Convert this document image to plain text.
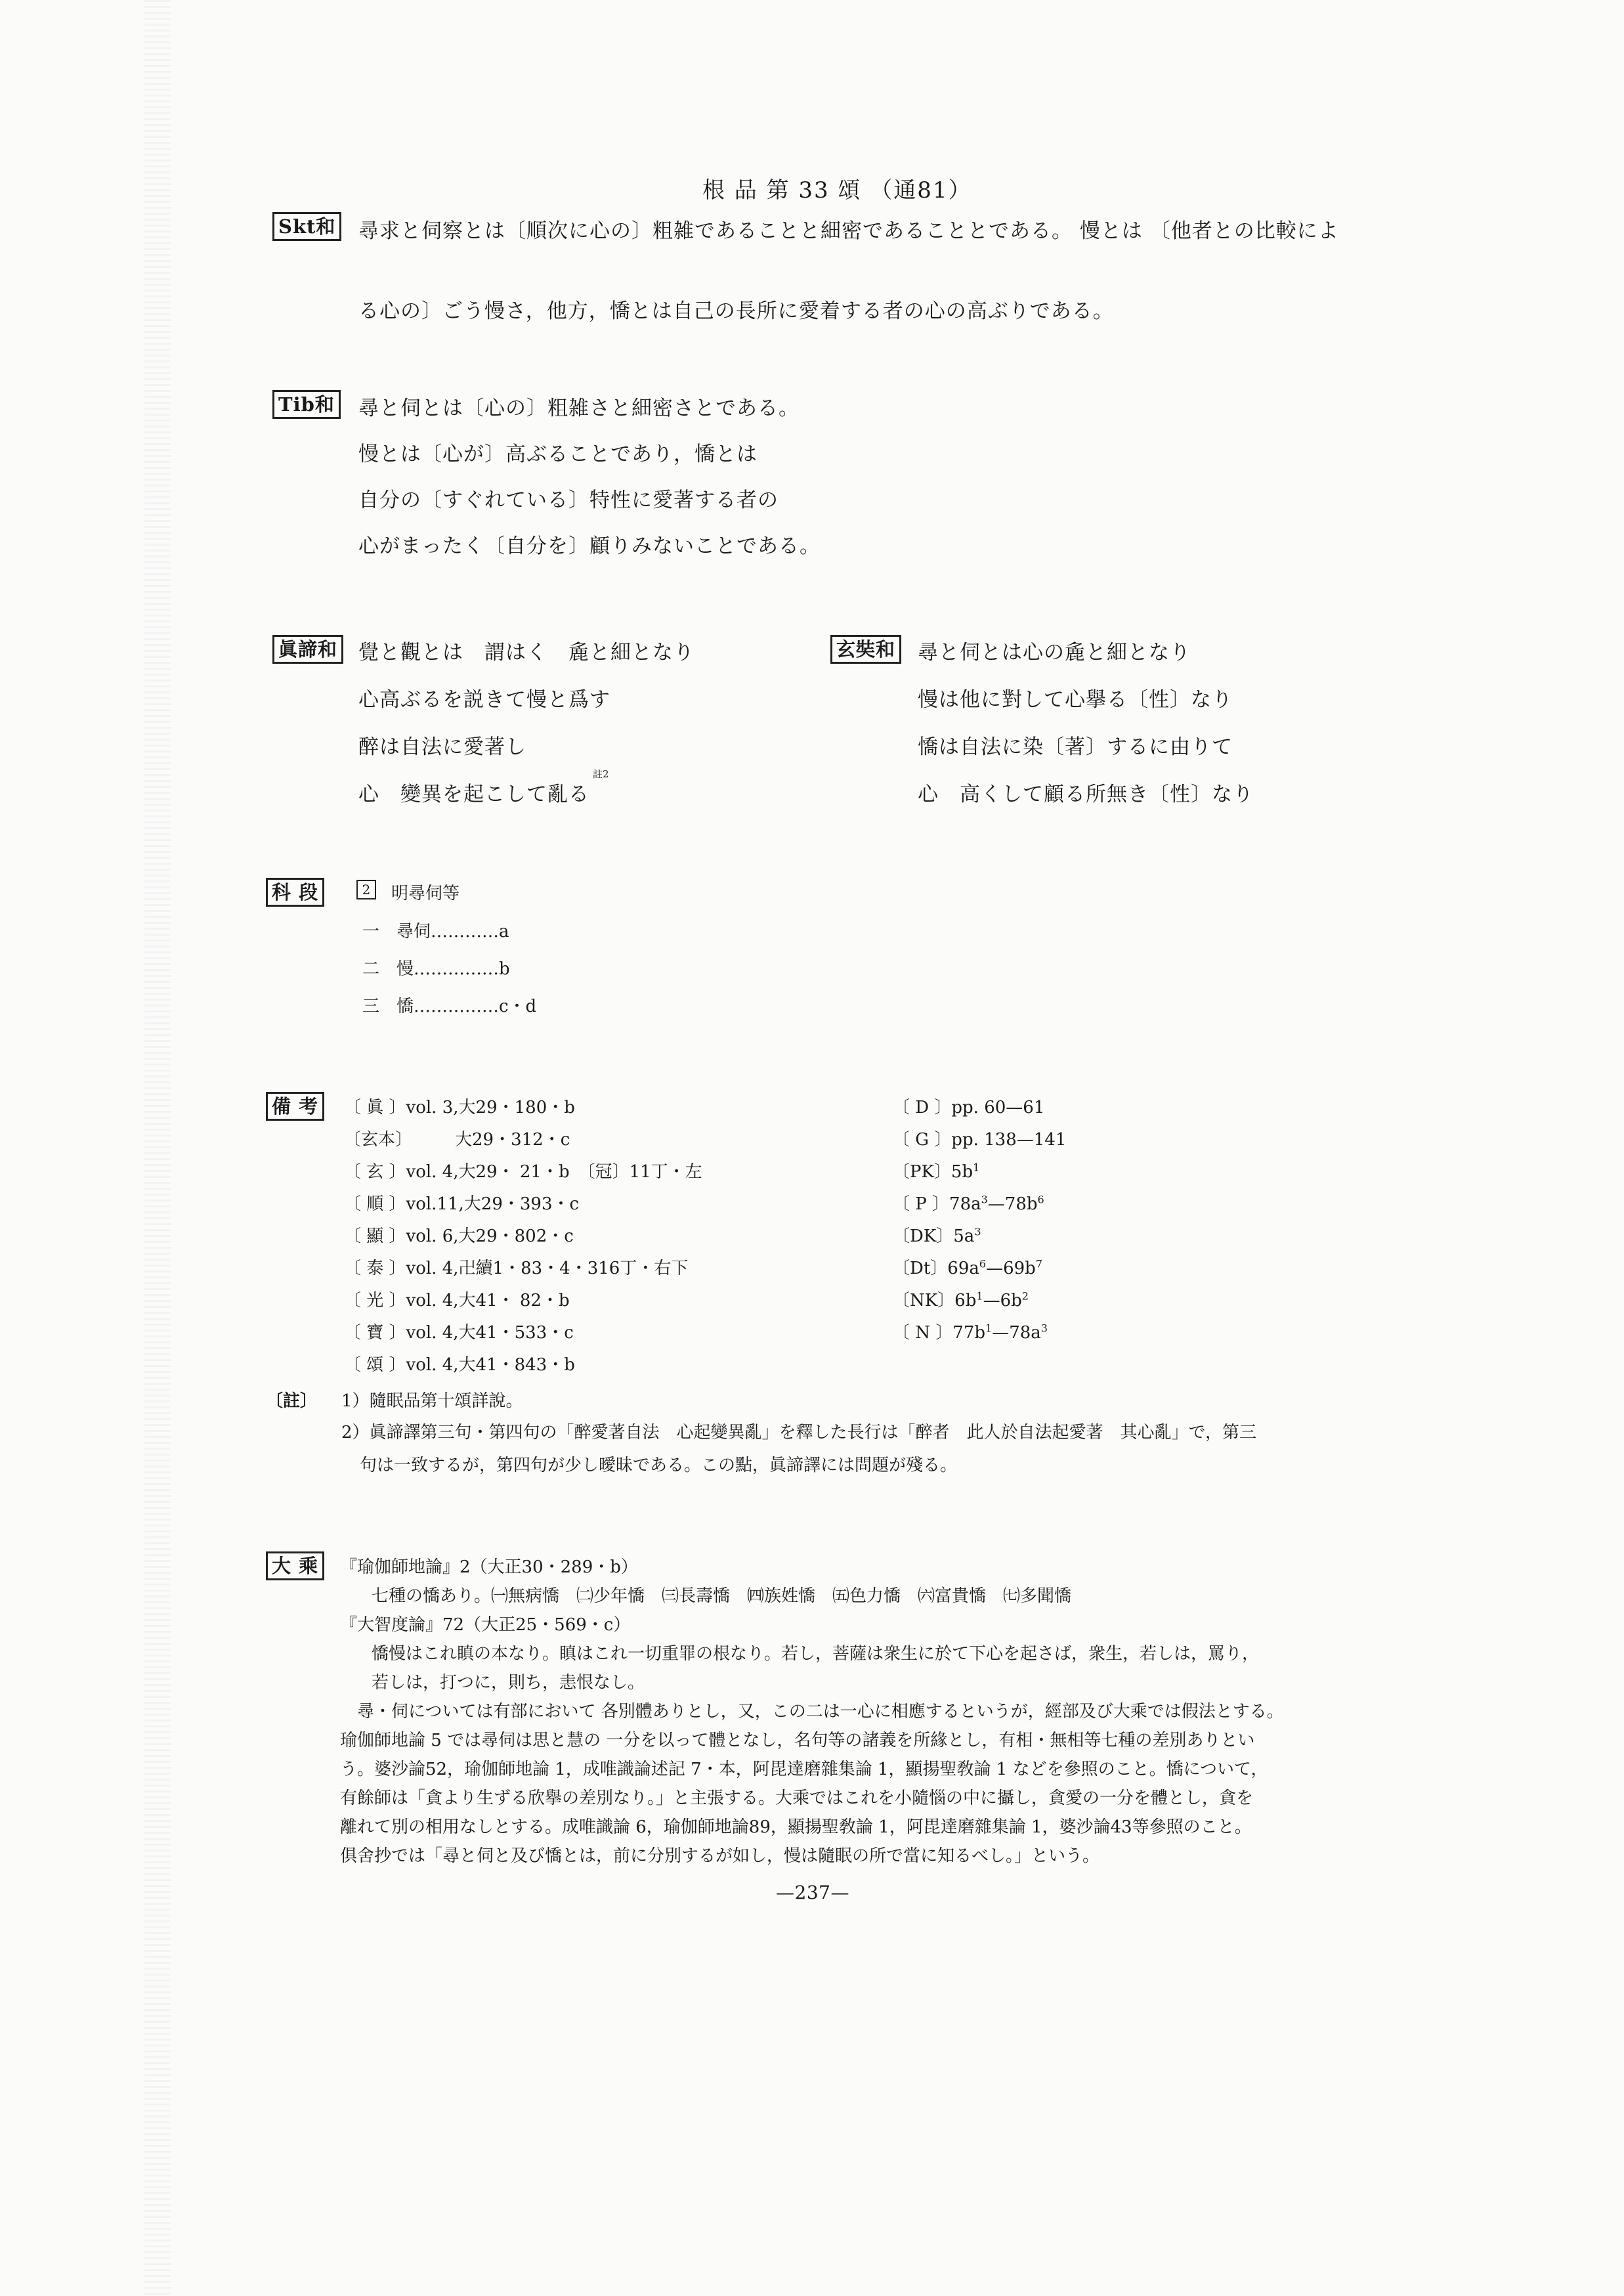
根 品 第 33 頌 （通81）
Skt和 尋求と伺察とは〔順次に心の〕粗雑であることと細密であることとである。 慢とは 〔他者との比較によ
る心の〕ごう慢さ，他方，憍とは自己の長所に愛着する者の心の高ぶりである。
Tib和 尋と伺とは〔心の〕粗雑さと細密さとである。
慢とは〔心が〕高ぶることであり，憍とは
自分の〔すぐれている〕特性に愛著する者の
心がまったく〔自分を〕顧りみないことである。
眞諦和 覺と觀とは　謂はく　麁と細となり
心高ぶるを説きて慢と爲す
醉は自法に愛著し
心　變異を起こして亂る
註2
玄奘和 尋と伺とは心の麁と細となり
慢は他に對して心擧る〔性〕なり
憍は自法に染〔著〕するに由りて
心　高くして顧る所無き〔性〕なり
科 段	2	明尋伺等
一　尋伺…………a
二　慢……………b
三　憍……………c・d
備 考	〔 眞 〕vol. 3,大29・180・b
〔玄本〕　　　大29・312・c
〔 玄 〕vol. 4,大29・ 21・b　〔冠〕11丁・左
〔 順 〕vol.11,大29・393・c
〔 顯 〕vol. 6,大29・802・c
〔 泰 〕vol. 4,卍續1・83・4・316丁・右下
〔 光 〕vol. 4,大41・ 82・b
〔 寶 〕vol. 4,大41・533・c
〔 頌 〕vol. 4,大41・843・b
〔 D 〕pp. 60—61
〔 G 〕pp. 138—141
〔PK〕$5b^1$
〔 P 〕$78a^3—78b^6$
〔DK〕$5a^3$
〔Dt〕$69a^6—69b^7$
〔NK〕$6b^1—6b^2$
〔 N 〕$77b^1—78a^3$
〔註〕 1）隨眠品第十頌詳說。
2）眞諦譯第三句・第四句の「醉愛著自法　心起變異亂」を釋した長行は「醉者　此人於自法起愛著　其心亂」で，第三
句は一致するが，第四句が少し曖昧である。この點，眞諦譯には問題が殘る。
大 乘	『瑜伽師地論』2（大正30・289・b）
　七種の憍あり。㈠無病憍　㈡少年憍　㈢長壽憍　㈣族姓憍　㈤色力憍　㈥富貴憍　㈦多聞憍
『大智度論』72（大正25・569・c）
　憍慢はこれ瞋の本なり。瞋はこれ一切重罪の根なり。若し，菩薩は衆生に於て下心を起さば，衆生，若しは，罵り，
　若しは，打つに，則ち，恚恨なし。
　尋・伺については有部において 各別體ありとし，又，この二は一心に相應するというが，經部及び大乘では假法とする。
瑜伽師地論 5 では尋伺は思と慧の 一分を以って體となし，名句等の諸義を所緣とし，有相・無相等七種の差別ありとい
う。婆沙論52，瑜伽師地論 1，成唯識論述記 7・本，阿毘達磨雜集論 1，顯揚聖敎論 1 などを參照のこと。憍について，
有餘師は「貪より生ずる欣擧の差別なり。」と主張する。大乘ではこれを小隨惱の中に攝し，貪愛の一分を體とし，貪を
離れて別の相用なしとする。成唯識論 6，瑜伽師地論89，顯揚聖敎論 1，阿毘達磨雜集論 1，婆沙論43等參照のこと。
俱舍抄では「尋と伺と及び憍とは，前に分別するが如し，慢は隨眠の所で當に知るべし。」という。
—237—
